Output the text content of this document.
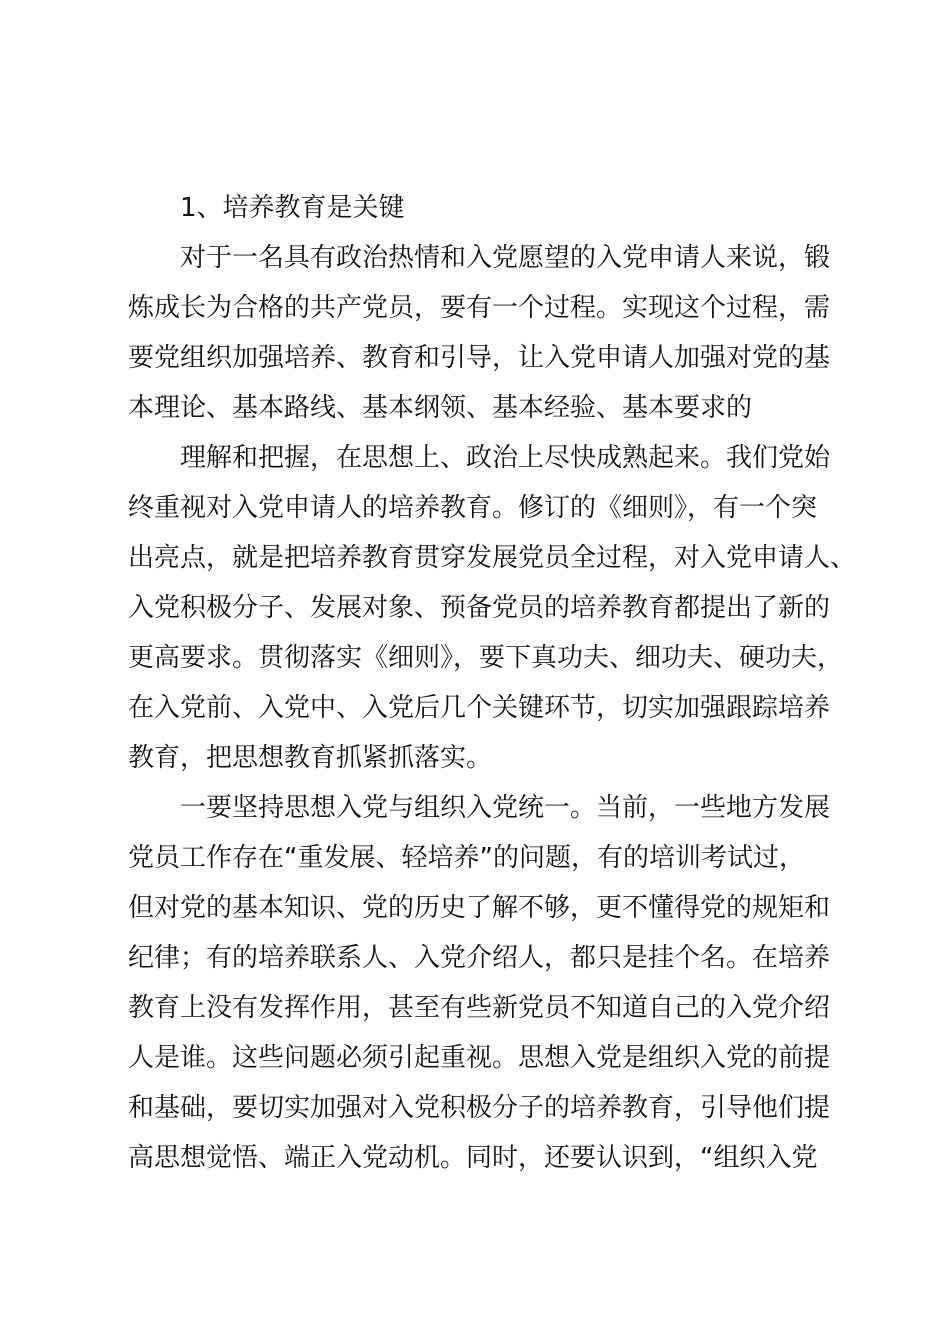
1、培养教育是关键
对于一名具有政治热情和入党愿望的入党申请人来说，锻
炼成长为合格的共产党员，要有一个过程。实现这个过程，需
要党组织加强培养、教育和引导，让入党申请人加强对党的基
本理论、基本路线、基本纲领、基本经验、基本要求的
理解和把握，在思想上、政治上尽快成熟起来。我们党始
终重视对入党申请人的培养教育。修订的《细则》，有一个突
出亮点，就是把培养教育贯穿发展党员全过程，对入党申请人、
入党积极分子、发展对象、预备党员的培养教育都提出了新的
更高要求。贯彻落实《细则》，要下真功夫、细功夫、硬功夫，
在入党前、入党中、入党后几个关键环节，切实加强跟踪培养
教育，把思想教育抓紧抓落实。
一要坚持思想入党与组织入党统一。当前，一些地方发展
党员工作存在“重发展、轻培养”的问题，有的培训考试过，
但对党的基本知识、党的历史了解不够，更不懂得党的规矩和
纪律；有的培养联系人、入党介绍人，都只是挂个名。在培养
教育上没有发挥作用，甚至有些新党员不知道自己的入党介绍
人是谁。这些问题必须引起重视。思想入党是组织入党的前提
和基础，要切实加强对入党积极分子的培养教育，引导他们提
高思想觉悟、端正入党动机。同时，还要认识到，“组织入党
